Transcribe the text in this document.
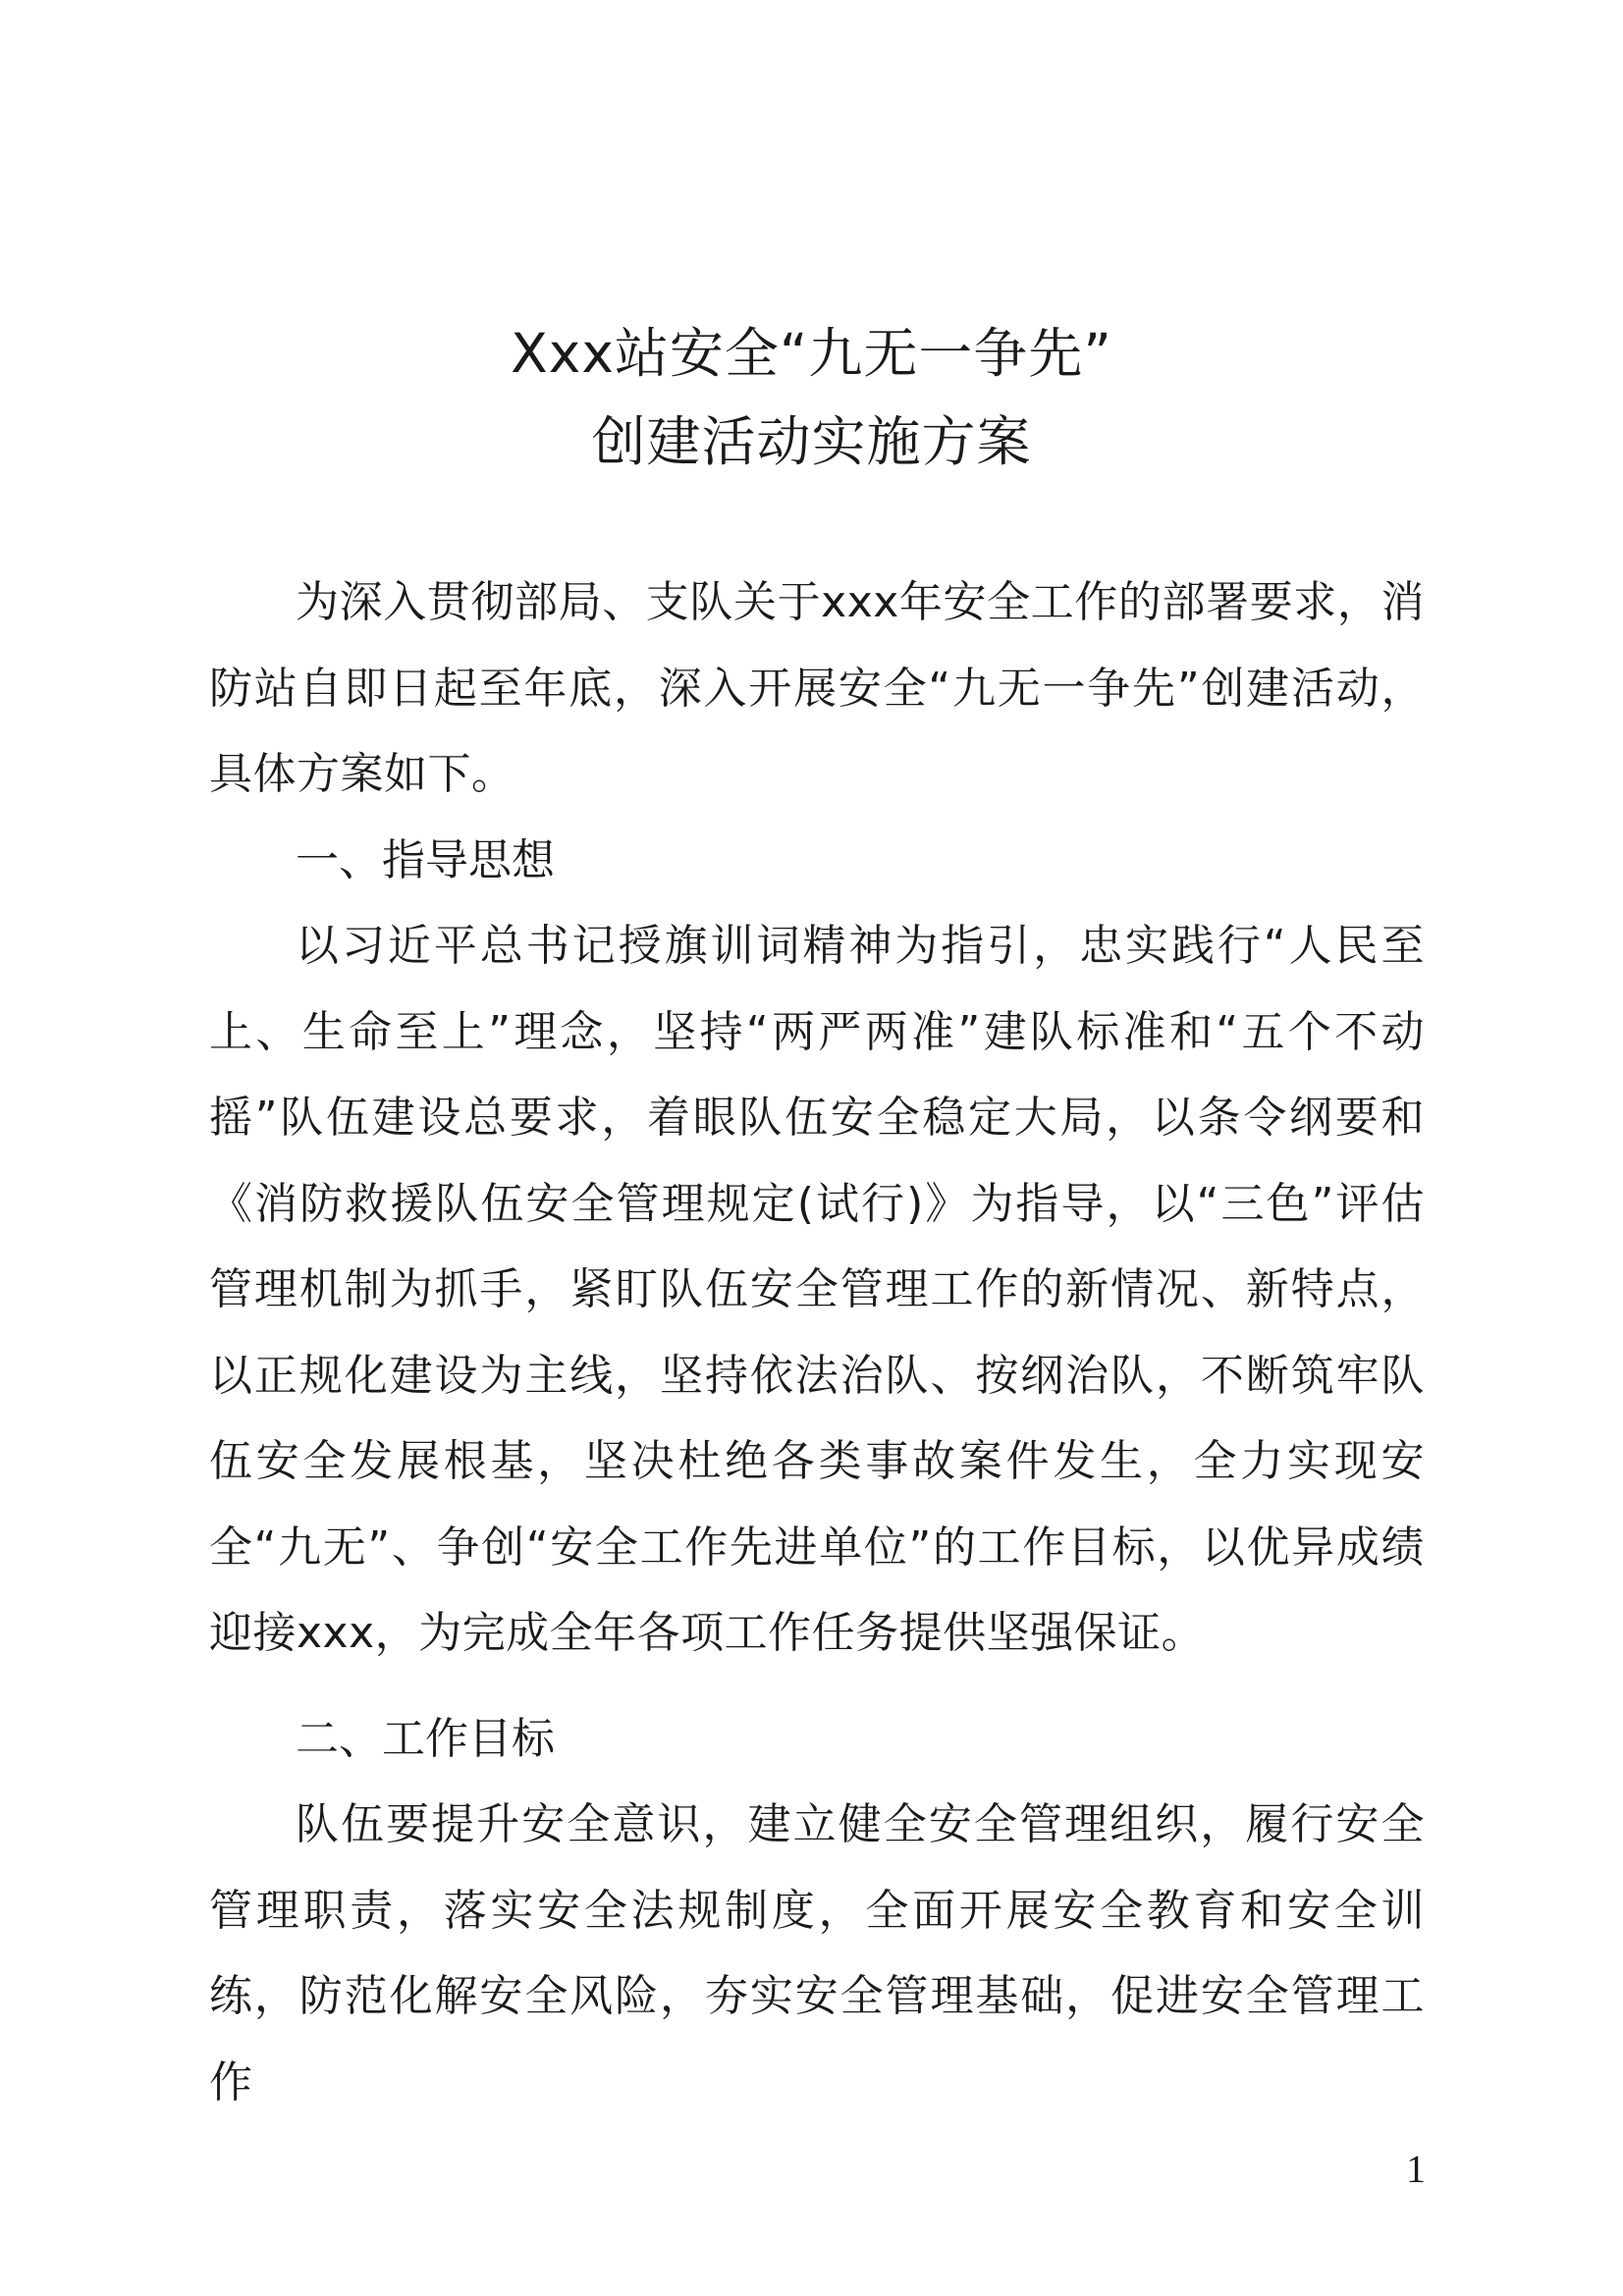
Xxx站安全“九无一争先”
创建活动实施方案

为深入贯彻部局、支队关于xxx年安全工作的部署要求，消防站自即日起至年底，深入开展安全“九无一争先”创建活动，具体方案如下。

一、指导思想

以习近平总书记授旗训词精神为指引，忠实践行“人民至上、生命至上”理念，坚持“两严两准”建队标准和“五个不动摇”队伍建设总要求，着眼队伍安全稳定大局，以条令纲要和《消防救援队伍安全管理规定(试行)》为指导，以“三色”评估管理机制为抓手，紧盯队伍安全管理工作的新情况、新特点，以正规化建设为主线，坚持依法治队、按纲治队，不断筑牢队伍安全发展根基，坚决杜绝各类事故案件发生，全力实现安全“九无”、争创“安全工作先进单位”的工作目标，以优异成绩迎接xxx，为完成全年各项工作任务提供坚强保证。

二、工作目标

队伍要提升安全意识，建立健全安全管理组织，履行安全管理职责，落实安全法规制度，全面开展安全教育和安全训练，防范化解安全风险，夯实安全管理基础，促进安全管理工作

1
